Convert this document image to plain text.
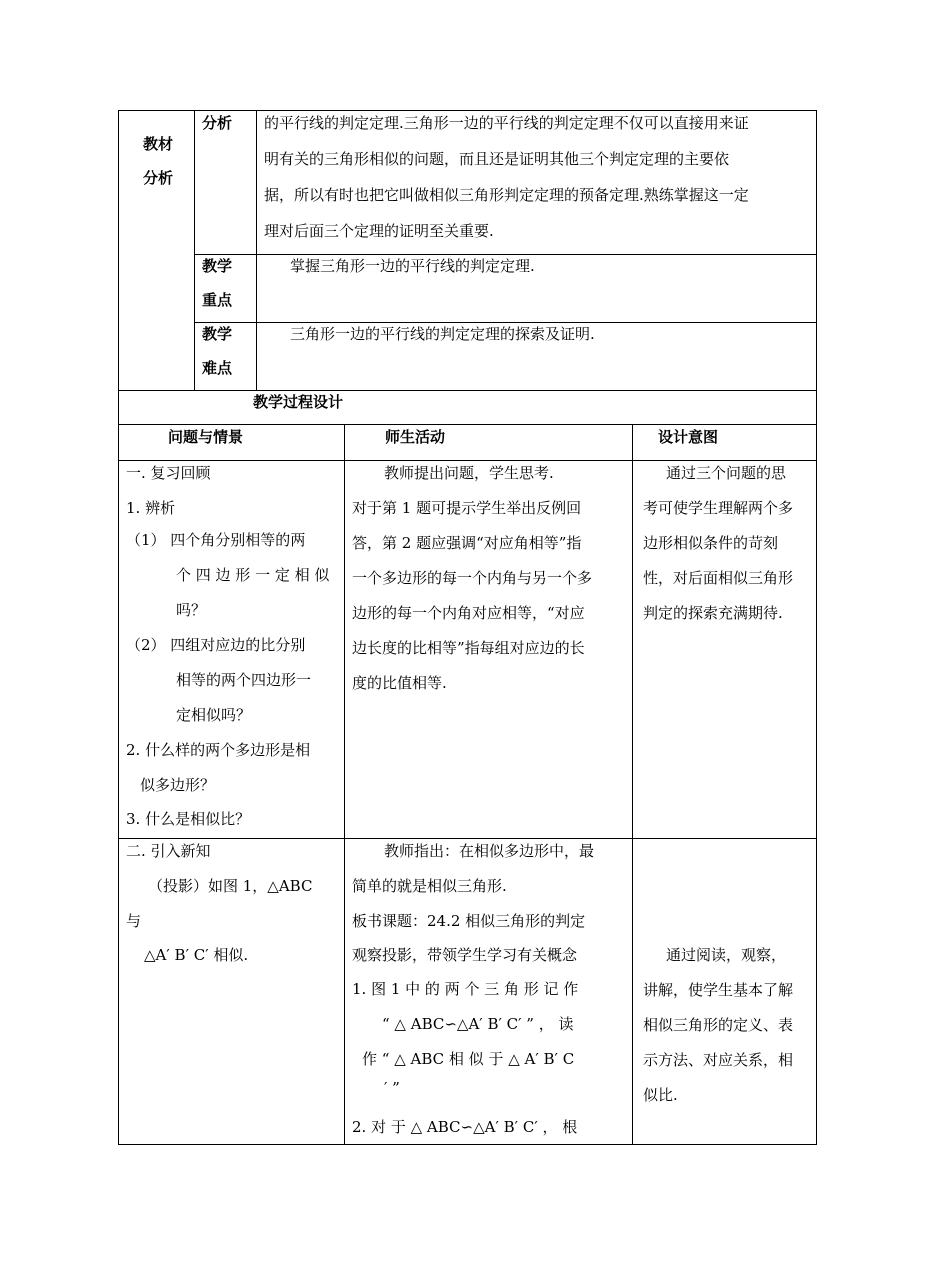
教材
分析
分析 的平行线的判定定理.三角形一边的平行线的判定定理不仅可以直接用来证
明有关的三角形相似的问题，而且还是证明其他三个判定定理的主要依
据，所以有时也把它叫做相似三角形判定定理的预备定理.熟练掌握这一定
理对后面三个定理的证明至关重要.
教学
重点
掌握三角形一边的平行线的判定定理.
教学
难点
三角形一边的平行线的判定定理的探索及证明.
教学过程设计
问题与情景	师生活动	设计意图
一. 复习回顾
1. 辨析
（1） 四个角分别相等的两
个 四 边 形 一 定 相 似
吗？
（2） 四组对应边的比分别
相等的两个四边形一
定相似吗？
2. 什么样的两个多边形是相
似多边形？
3. 什么是相似比？
教师提出问题，学生思考.
对于第 1 题可提示学生举出反例回
答，第 2 题应强调“对应角相等”指
一个多边形的每一个内角与另一个多
边形的每一个内角对应相等，“对应
边长度的比相等”指每组对应边的长
度的比值相等.
通过三个问题的思
考可使学生理解两个多
边形相似条件的苛刻
性，对后面相似三角形
判定的探索充满期待.
二. 引入新知
（投影）如图 1，△ABC
与
△A′ B′ C′ 相似.
教师指出：在相似多边形中，最
简单的就是相似三角形.
板书课题：24.2 相似三角形的判定
观察投影，带领学生学习有关概念
1. 图 1 中 的 两 个 三 角 形 记 作
“ △ ABC∽△A′ B′ C′ ” ， 读
作 “ △ ABC 相 似 于 △ A′ B′ C
′ ”
2. 对 于 △ ABC∽△A′ B′ C′ ， 根
通过阅读，观察，
讲解，使学生基本了解
相似三角形的定义、表
示方法、对应关系，相
似比.
